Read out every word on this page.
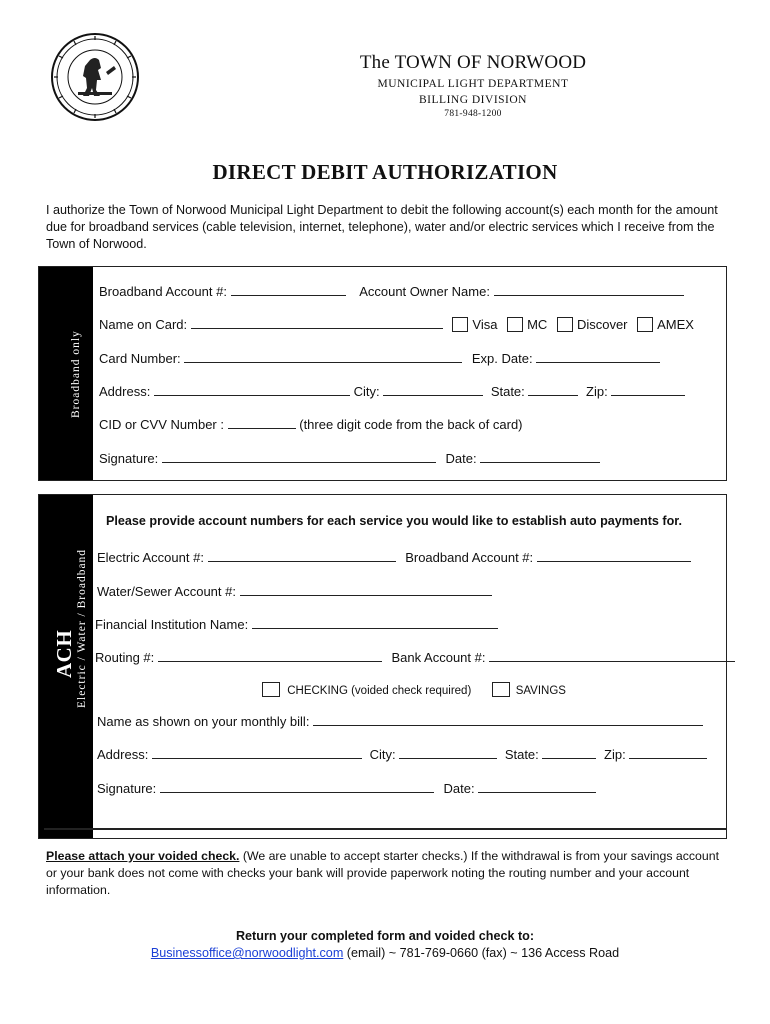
The TOWN OF NORWOOD
MUNICIPAL LIGHT DEPARTMENT
BILLING DIVISION
781-948-1200
DIRECT DEBIT AUTHORIZATION

I authorize the Town of Norwood Municipal Light Department to debit the following account(s) each month for the amount due for broadband services (cable television, internet, telephone), water and/or electric services which I receive from the Town of Norwood.

CREDIT CARD	Broadband only
Broadband Account #:	Account Owner Name:
Name on Card:	Visa MC Discover AMEX
Card Number:	Exp. Date:
Address:	City:	State:	Zip:
CID or CVV Number :	(three digit code from the back of card)
Signature:	Date:
ACH Electric / Water / Broadband
Please provide account numbers for each service you would like to establish auto payments for.
Electric Account #:	Broadband Account #:
Water/Sewer Account #:
Financial Institution Name:
Routing #:	Bank Account #:
CHECKING (voided check required)	SAVINGS
Name as shown on your monthly bill:
Address:	City:	State:	Zip:
Signature:	Date:

Please attach your voided check. (We are unable to accept starter checks.) If the withdrawal is from your savings account or your bank does not come with checks your bank will provide paperwork noting the routing number and your account information.

Return your completed form and voided check to:
Businessoffice@norwoodlight.com (email) ~ 781-769-0660 (fax) ~ 136 Access Road
